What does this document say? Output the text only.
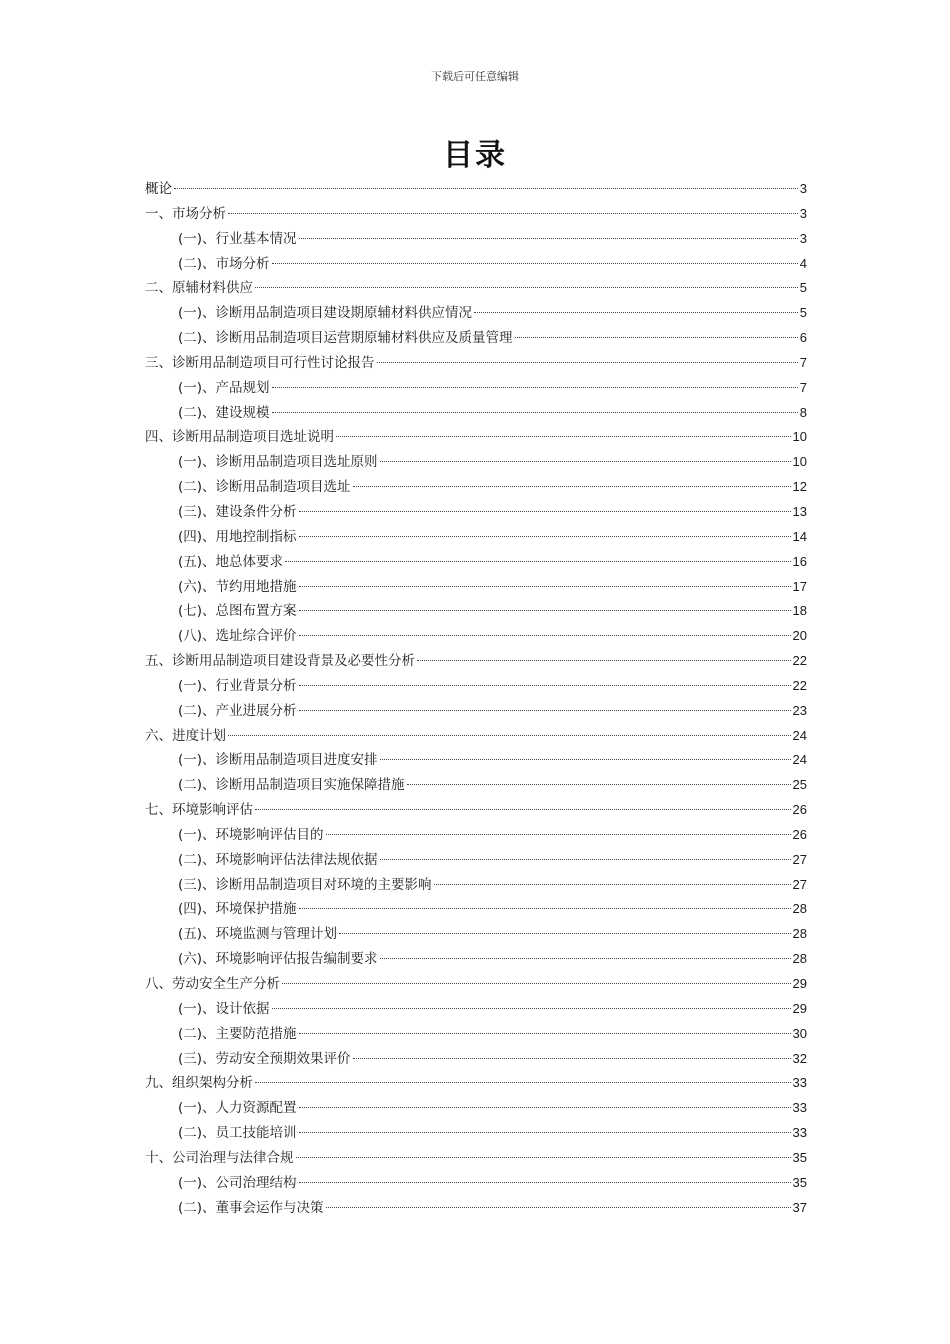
下载后可任意编辑
目录
概论	3
一、市场分析	3
(一)、行业基本情况	3
(二)、市场分析	4
二、原辅材料供应	5
(一)、诊断用品制造项目建设期原辅材料供应情况	5
(二)、诊断用品制造项目运营期原辅材料供应及质量管理	6
三、诊断用品制造项目可行性讨论报告	7
(一)、产品规划	7
(二)、建设规模	8
四、诊断用品制造项目选址说明	10
(一)、诊断用品制造项目选址原则	10
(二)、诊断用品制造项目选址	12
(三)、建设条件分析	13
(四)、用地控制指标	14
(五)、地总体要求	16
(六)、节约用地措施	17
(七)、总图布置方案	18
(八)、选址综合评价	20
五、诊断用品制造项目建设背景及必要性分析	22
(一)、行业背景分析	22
(二)、产业进展分析	23
六、进度计划	24
(一)、诊断用品制造项目进度安排	24
(二)、诊断用品制造项目实施保障措施	25
七、环境影响评估	26
(一)、环境影响评估目的	26
(二)、环境影响评估法律法规依据	27
(三)、诊断用品制造项目对环境的主要影响	27
(四)、环境保护措施	28
(五)、环境监测与管理计划	28
(六)、环境影响评估报告编制要求	28
八、劳动安全生产分析	29
(一)、设计依据	29
(二)、主要防范措施	30
(三)、劳动安全预期效果评价	32
九、组织架构分析	33
(一)、人力资源配置	33
(二)、员工技能培训	33
十、公司治理与法律合规	35
(一)、公司治理结构	35
(二)、董事会运作与决策	37
